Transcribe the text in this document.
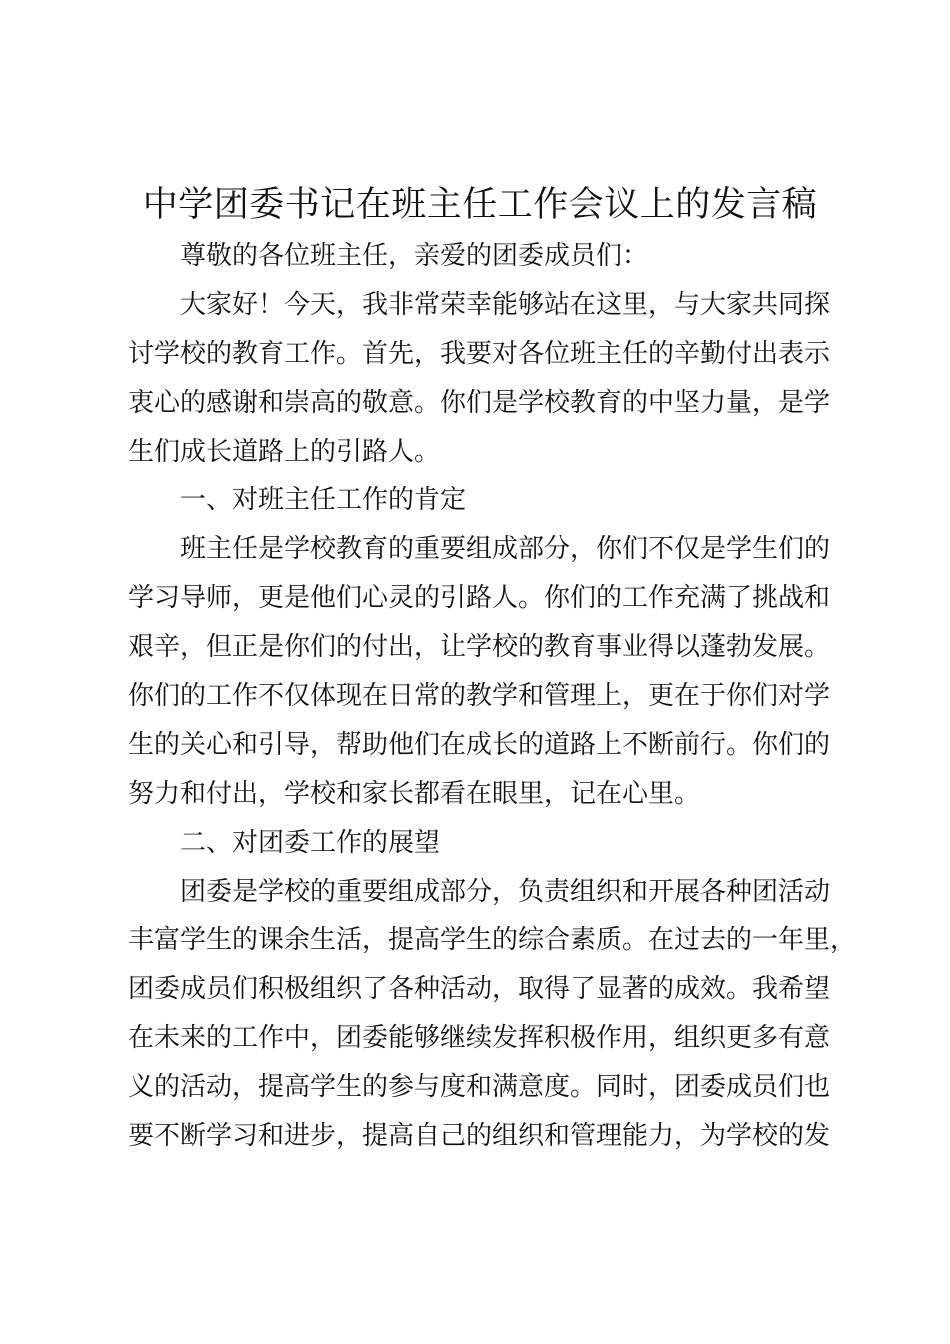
中学团委书记在班主任工作会议上的发言稿
尊敬的各位班主任，亲爱的团委成员们：
大家好！今天，我非常荣幸能够站在这里，与大家共同探
讨学校的教育工作。首先，我要对各位班主任的辛勤付出表示
衷心的感谢和崇高的敬意。你们是学校教育的中坚力量，是学
生们成长道路上的引路人。
一、对班主任工作的肯定
班主任是学校教育的重要组成部分，你们不仅是学生们的
学习导师，更是他们心灵的引路人。你们的工作充满了挑战和
艰辛，但正是你们的付出，让学校的教育事业得以蓬勃发展。
你们的工作不仅体现在日常的教学和管理上，更在于你们对学
生的关心和引导，帮助他们在成长的道路上不断前行。你们的
努力和付出，学校和家长都看在眼里，记在心里。
二、对团委工作的展望
团委是学校的重要组成部分，负责组织和开展各种团活动
丰富学生的课余生活，提高学生的综合素质。在过去的一年里，
团委成员们积极组织了各种活动，取得了显著的成效。我希望
在未来的工作中，团委能够继续发挥积极作用，组织更多有意
义的活动，提高学生的参与度和满意度。同时，团委成员们也
要不断学习和进步，提高自己的组织和管理能力，为学校的发
